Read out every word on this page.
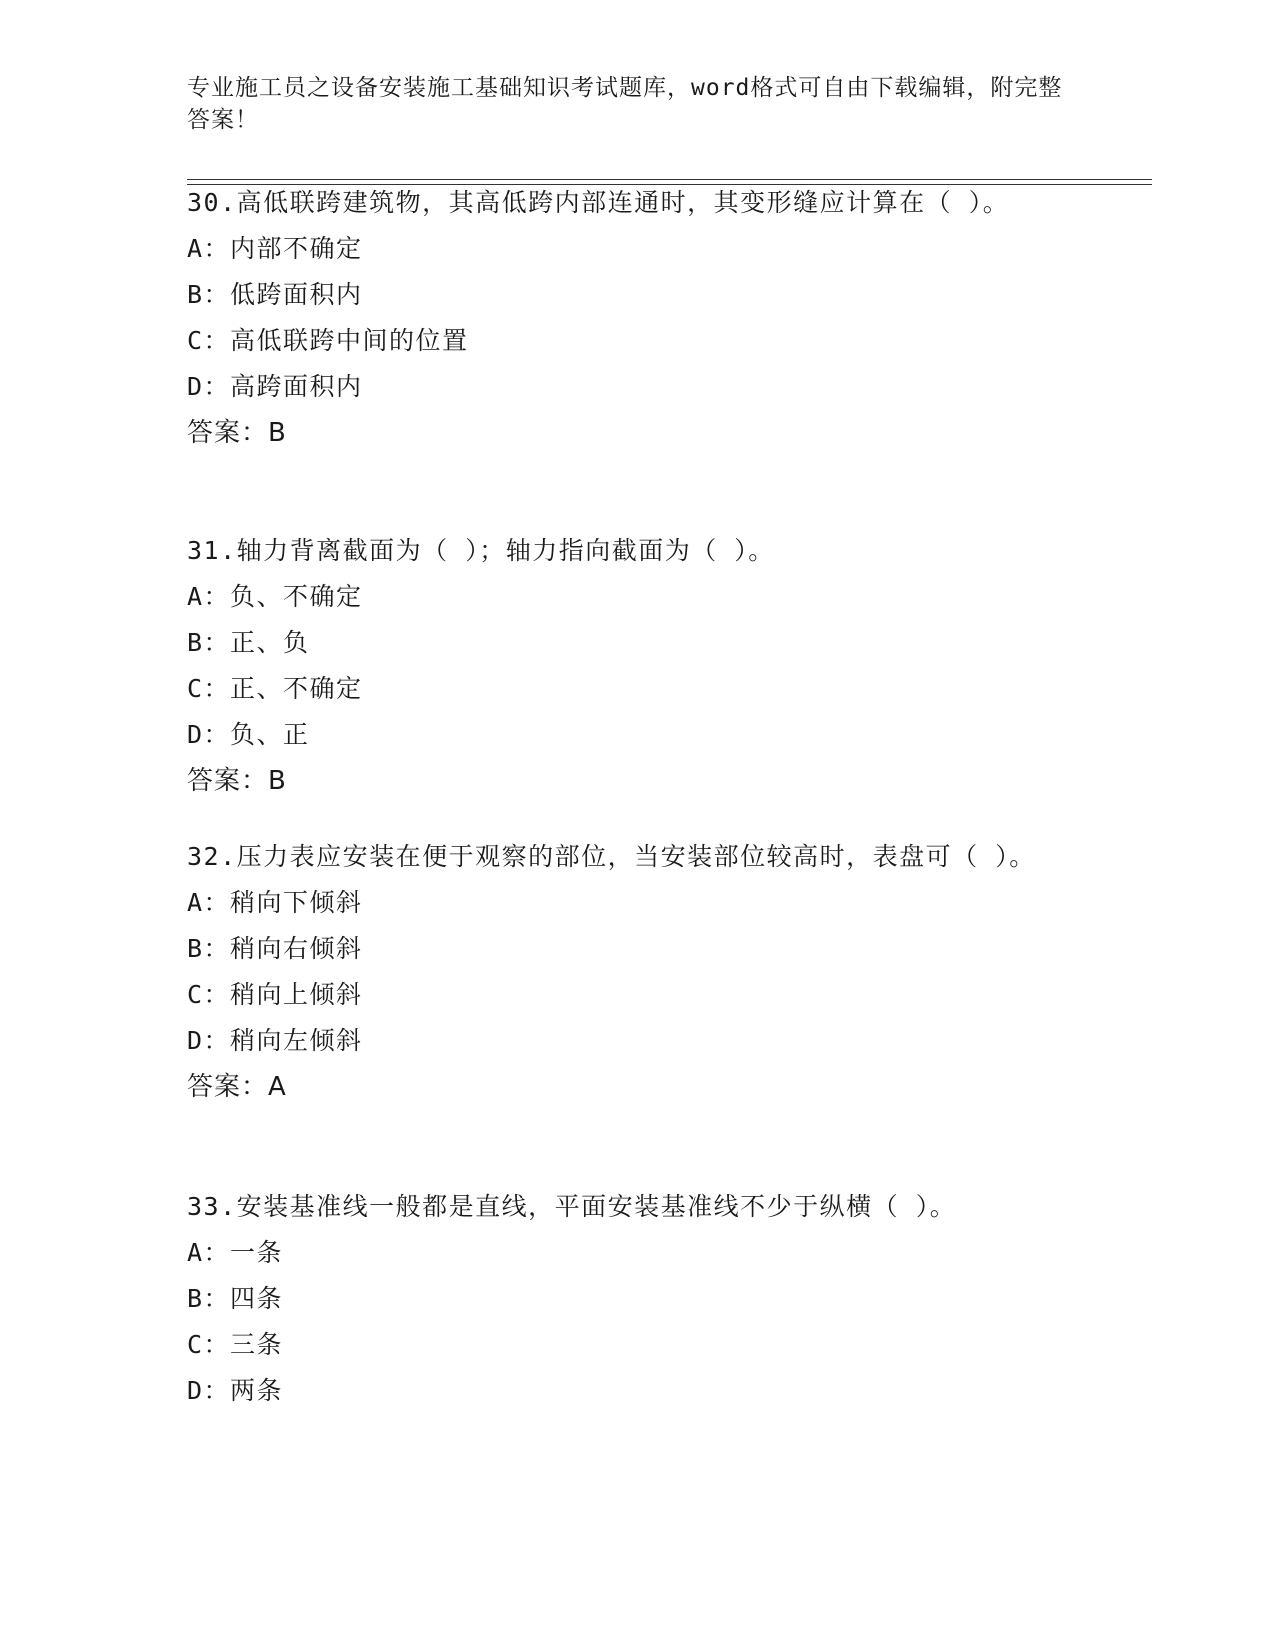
专业施工员之设备安装施工基础知识考试题库，word格式可自由下载编辑，附完整答案！
30.高低联跨建筑物，其高低跨内部连通时，其变形缝应计算在（ ）。
A：内部不确定
B：低跨面积内
C：高低联跨中间的位置
D：高跨面积内
答案：B
31.轴力背离截面为（ ）；轴力指向截面为（ ）。
A：负、不确定
B：正、负
C：正、不确定
D：负、正
答案：B
32.压力表应安装在便于观察的部位，当安装部位较高时，表盘可（ ）。
A：稍向下倾斜
B：稍向右倾斜
C：稍向上倾斜
D：稍向左倾斜
答案：A
33.安装基准线一般都是直线，平面安装基准线不少于纵横（ ）。
A：一条
B：四条
C：三条
D：两条
